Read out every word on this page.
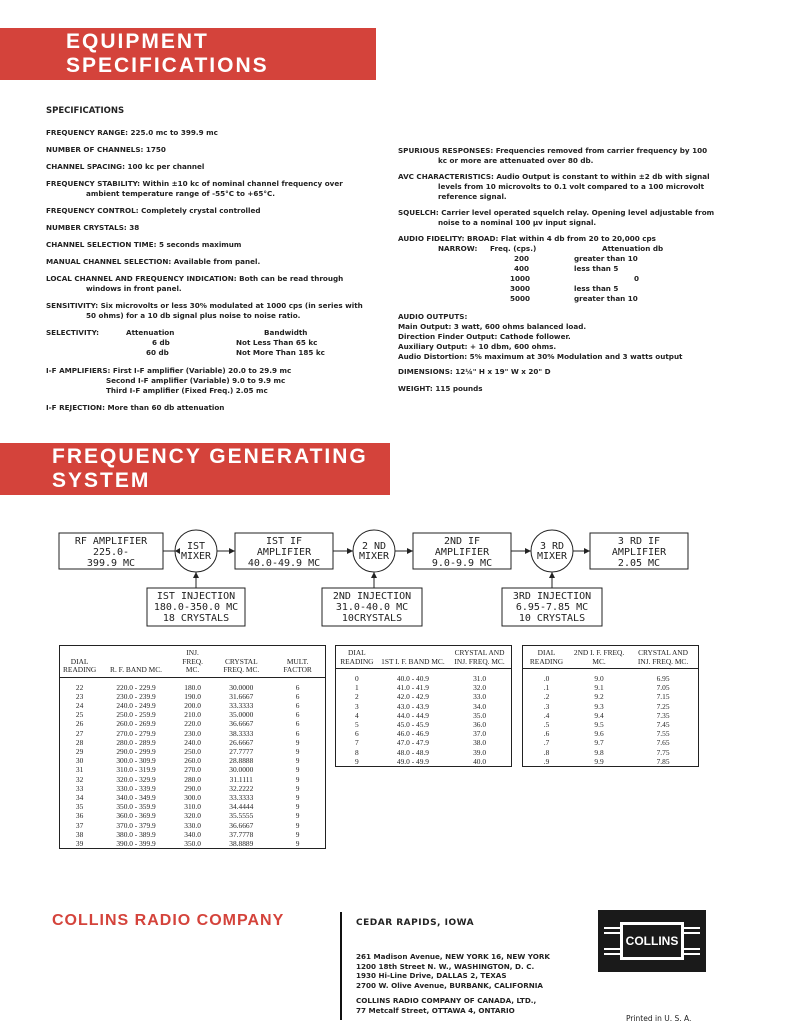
EQUIPMENT SPECIFICATIONS

SPECIFICATIONS

FREQUENCY RANGE: 225.0 mc to 399.9 mc

NUMBER OF CHANNELS: 1750

CHANNEL SPACING: 100 kc per channel

FREQUENCY STABILITY: Within ±10 kc of nominal channel frequency over ambient temperature range of -55°C to +65°C.

FREQUENCY CONTROL: Completely crystal controlled

NUMBER CRYSTALS: 38

CHANNEL SELECTION TIME: 5 seconds maximum

MANUAL CHANNEL SELECTION: Available from panel.

LOCAL CHANNEL AND FREQUENCY INDICATION: Both can be read through windows in front panel.

SENSITIVITY: Six microvolts or less 30% modulated at 1000 cps (in series with 50 ohms) for a 10 db signal plus noise to noise ratio.

SELECTIVITY:	Attenuation	Bandwidth
6 db	Not Less Than 65 kc
60 db	Not More Than 185 kc

I-F AMPLIFIERS: First I-F amplifier (Variable) 20.0 to 29.9 mc

Second I-F amplifier (Variable) 9.0 to 9.9 mc

Third I-F amplifier (Fixed Freq.) 2.05 mc

I-F REJECTION: More than 60 db attenuation

SPURIOUS RESPONSES: Frequencies removed from carrier frequency by 100 kc or more are attenuated over 80 db.

AVC CHARACTERISTICS: Audio Output is constant to within ±2 db with signal levels from 10 microvolts to 0.1 volt compared to a 100 microvolt reference signal.

SQUELCH: Carrier level operated squelch relay. Opening level adjustable from noise to a nominal 100 μv input signal.

AUDIO FIDELITY: BROAD: Flat within 4 db from 20 to 20,000 cps

NARROW:	Freq. (cps.)	Attenuation db
200	greater than 10
400	less than 5
1000	0
3000	less than 5
5000	greater than 10

AUDIO OUTPUTS:

Main Output: 3 watt, 600 ohms balanced load.

Direction Finder Output: Cathode follower.

Auxiliary Output: + 10 dbm, 600 ohms.

Audio Distortion: 5% maximum at 30% Modulation and 3 watts output

DIMENSIONS: 12¼" H x 19" W x 20" D

WEIGHT: 115 pounds

FREQUENCY GENERATING SYSTEM
RF AMPLIFIER
225.0-
399.9 MC
IST
MIXER
IST IF
AMPLIFIER
40.0-49.9 MC
2 ND
MIXER
2ND IF
AMPLIFIER
9.0-9.9 MC
3 RD
MIXER
3 RD IF
AMPLIFIER
2.05 MC
IST INJECTION
180.0-350.0 MC
18 CRYSTALS
2ND INJECTION
31.0-40.0 MC
10CRYSTALS
3RD INJECTION
6.95-7.85 MC
10 CRYSTALS
DIAL READING	R. F. BAND MC.	INJ. FREQ. MC.	CRYSTAL FREQ. MC.	MULT. FACTOR
22	220.0 - 229.9	180.0	30.0000	6
23	230.0 - 239.9	190.0	31.6667	6
24	240.0 - 249.9	200.0	33.3333	6
25	250.0 - 259.9	210.0	35.0000	6
26	260.0 - 269.9	220.0	36.6667	6
27	270.0 - 279.9	230.0	38.3333	6
28	280.0 - 289.9	240.0	26.6667	9
29	290.0 - 299.9	250.0	27.7777	9
30	300.0 - 309.9	260.0	28.8888	9
31	310.0 - 319.9	270.0	30.0000	9
32	320.0 - 329.9	280.0	31.1111	9
33	330.0 - 339.9	290.0	32.2222	9
34	340.0 - 349.9	300.0	33.3333	9
35	350.0 - 359.9	310.0	34.4444	9
36	360.0 - 369.9	320.0	35.5555	9
37	370.0 - 379.9	330.0	36.6667	9
38	380.0 - 389.9	340.0	37.7778	9
39	390.0 - 399.9	350.0	38.8889	9
DIAL READING	1ST I. F. BAND MC.	CRYSTAL AND INJ. FREQ. MC.
0	40.0 - 40.9	31.0
1	41.0 - 41.9	32.0
2	42.0 - 42.9	33.0
3	43.0 - 43.9	34.0
4	44.0 - 44.9	35.0
5	45.0 - 45.9	36.0
6	46.0 - 46.9	37.0
7	47.0 - 47.9	38.0
8	48.0 - 48.9	39.0
9	49.0 - 49.9	40.0
DIAL READING	2ND I. F. FREQ. MC.	CRYSTAL AND INJ. FREQ. MC.
.0	9.0	6.95
.1	9.1	7.05
.2	9.2	7.15
.3	9.3	7.25
.4	9.4	7.35
.5	9.5	7.45
.6	9.6	7.55
.7	9.7	7.65
.8	9.8	7.75
.9	9.9	7.85
COLLINS RADIO COMPANY	CEDAR RAPIDS, IOWA
261 Madison Avenue, NEW YORK 16, NEW YORK
1200 18th Street N. W., WASHINGTON, D. C.
1930 Hi-Line Drive, DALLAS 2, TEXAS
2700 W. Olive Avenue, BURBANK, CALIFORNIA
COLLINS RADIO COMPANY OF CANADA, LTD.,
77 Metcalf Street, OTTAWA 4, ONTARIO
COLLINS
Printed in U. S. A.
